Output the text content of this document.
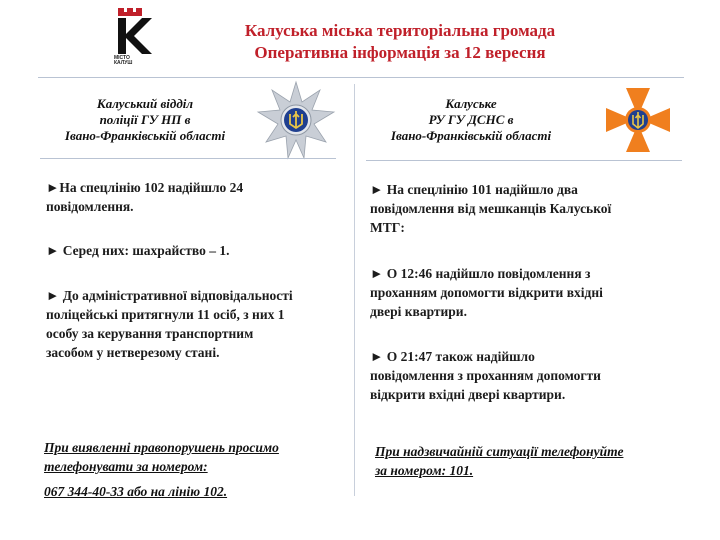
МІСТО
КАЛУШ
Калуська міська територіальна громада
Оперативна інформація за 12 вересня
Калуський відділ
поліції ГУ НП в
Івано-Франківській області
Калуське
РУ ГУ ДСНС в
Івано-Франківській області
►На спецлінію 102 надійшло 24
повідомлення.
► Серед них: шахрайство – 1.
► До адміністративної відповідальності
поліцейські притягнули 11 осіб, з них 1
особу за керування транспортним
засобом у нетверезому стані.
При виявленні правопорушень просимо
телефонувати за номером:
067 344-40-33 або на лінію 102.
► На спецлінію 101 надійшло два
повідомлення від мешканців Калуської
МТГ:
► О 12:46 надійшло повідомлення з
проханням допомогти відкрити вхідні
двері квартири.
► О 21:47 також надійшло
повідомлення з проханням допомогти
відкрити вхідні двері квартири.
При надзвичайній ситуації телефонуйте
за номером: 101.
